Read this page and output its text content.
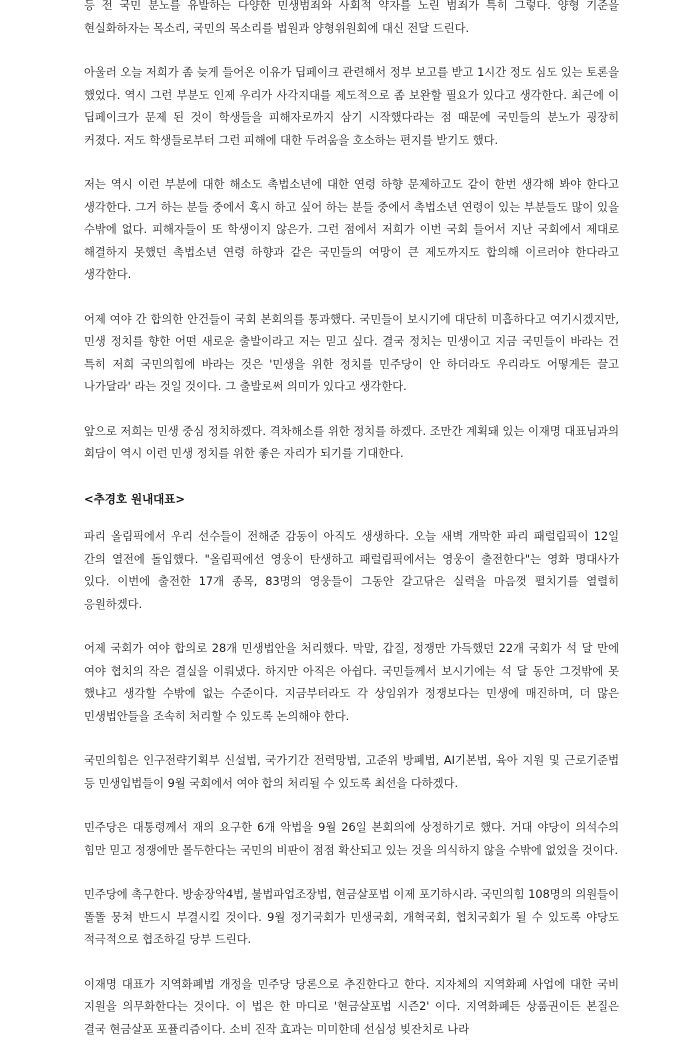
등 전 국민 분노를 유발하는 다양한 민생범죄와 사회적 약자를 노린 범죄가 특히 그렇다. 양형 기준을 현실화하자는 목소리, 국민의 목소리를 법원과 양형위원회에 대신 전달 드린다.

아울러 오늘 저희가 좀 늦게 들어온 이유가 딥페이크 관련해서 정부 보고를 받고 1시간 정도 심도 있는 토론을 했었다. 역시 그런 부분도 인제 우리가 사각지대를 제도적으로 좀 보완할 필요가 있다고 생각한다. 최근에 이 딥페이크가 문제 된 것이 학생들을 피해자로까지 삼기 시작했다라는 점 때문에 국민들의 분노가 굉장히 커졌다. 저도 학생들로부터 그런 피해에 대한 두려움을 호소하는 편지를 받기도 했다.

저는 역시 이런 부분에 대한 해소도 촉법소년에 대한 연령 하향 문제하고도 같이 한번 생각해 봐야 한다고 생각한다. 그거 하는 분들 중에서 혹시 하고 싶어 하는 분들 중에서 촉법소년 연령이 있는 부분들도 많이 있을 수밖에 없다. 피해자들이 또 학생이지 않은가. 그런 점에서 저희가 이번 국회 들어서 지난 국회에서 제대로 해결하지 못했던 촉법소년 연령 하향과 같은 국민들의 여망이 큰 제도까지도 합의해 이르러야 한다라고 생각한다.

어제 여야 간 합의한 안건들이 국회 본회의를 통과했다. 국민들이 보시기에 대단히 미흡하다고 여기시겠지만, 민생 정치를 향한 어떤 새로운 출발이라고 저는 믿고 싶다. 결국 정치는 민생이고 지금 국민들이 바라는 건 특히 저희 국민의힘에 바라는 것은 '민생을 위한 정치를 민주당이 안 하더라도 우리라도 어떻게든 끌고 나가달라' 라는 것일 것이다. 그 출발로써 의미가 있다고 생각한다.

앞으로 저희는 민생 중심 정치하겠다. 격차해소를 위한 정치를 하겠다. 조만간 계획돼 있는 이재명 대표님과의 회담이 역시 이런 민생 정치를 위한 좋은 자리가 되기를 기대한다.

<추경호 원내대표>

파리 올림픽에서 우리 선수들이 전해준 감동이 아직도 생생하다. 오늘 새벽 개막한 파리 패럴림픽이 12일 간의 열전에 돌입했다. "올림픽에선 영웅이 탄생하고 패럴림픽에서는 영웅이 출전한다"는 영화 명대사가 있다. 이번에 출전한 17개 종목, 83명의 영웅들이 그동안 갈고닦은 실력을 마음껏 펼치기를 열렬히 응원하겠다.

어제 국회가 여야 합의로 28개 민생법안을 처리했다. 막말, 갑질, 정쟁만 가득했던 22개 국회가 석 달 만에 여야 협치의 작은 결실을 이뤄냈다. 하지만 아직은 아쉽다. 국민들께서 보시기에는 석 달 동안 그것밖에 못 했냐고 생각할 수밖에 없는 수준이다. 지금부터라도 각 상임위가 정쟁보다는 민생에 매진하며, 더 많은 민생법안들을 조속히 처리할 수 있도록 논의해야 한다.

국민의힘은 인구전략기획부 신설법, 국가기간 전력망법, 고준위 방폐법, AI기본법, 육아 지원 및 근로기준법 등 민생입법들이 9월 국회에서 여야 합의 처리될 수 있도록 최선을 다하겠다.

민주당은 대통령께서 재의 요구한 6개 악법을 9월 26일 본회의에 상정하기로 했다. 거대 야당이 의석수의 힘만 믿고 정쟁에만 몰두한다는 국민의 비판이 점점 확산되고 있는 것을 의식하지 않을 수밖에 없었을 것이다.

민주당에 촉구한다. 방송장악4법, 불법파업조장법, 현금살포법 이제 포기하시라. 국민의힘 108명의 의원들이 똘똘 뭉쳐 반드시 부결시킬 것이다. 9월 정기국회가 민생국회, 개혁국회, 협치국회가 될 수 있도록 야당도 적극적으로 협조하길 당부 드린다.

이재명 대표가 지역화폐법 개정을 민주당 당론으로 추진한다고 한다. 지자체의 지역화폐 사업에 대한 국비 지원을 의무화한다는 것이다. 이 법은 한 마디로 '현금살포법 시즌2' 이다. 지역화폐든 상품권이든 본질은 결국 현금살포 포퓰리즘이다. 소비 진작 효과는 미미한데 선심성 빚잔치로 나라
